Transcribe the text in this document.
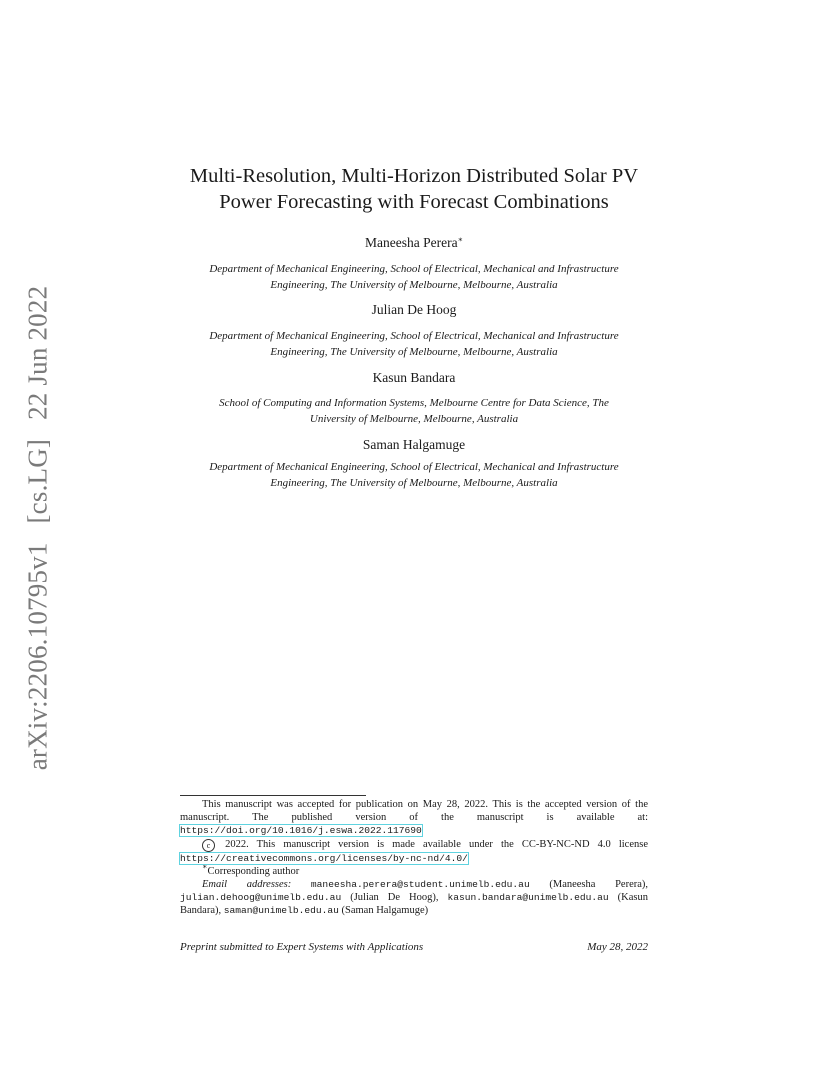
arXiv:2206.10795v1 [cs.LG] 22 Jun 2022
Multi-Resolution, Multi-Horizon Distributed Solar PV
Power Forecasting with Forecast Combinations
Maneesha Perera∗
Department of Mechanical Engineering, School of Electrical, Mechanical and Infrastructure
Engineering, The University of Melbourne, Melbourne, Australia
Julian De Hoog
Department of Mechanical Engineering, School of Electrical, Mechanical and Infrastructure
Engineering, The University of Melbourne, Melbourne, Australia
Kasun Bandara
School of Computing and Information Systems, Melbourne Centre for Data Science, The
University of Melbourne, Melbourne, Australia
Saman Halgamuge
Department of Mechanical Engineering, School of Electrical, Mechanical and Infrastructure
Engineering, The University of Melbourne, Melbourne, Australia

This manuscript was accepted for publication on May 28, 2022. This is the accepted version of the manuscript. The published version of the manuscript is available at: https://doi.org/10.1016/j.eswa.2022.117690

c 2022. This manuscript version is made available under the CC-BY-NC-ND 4.0 license https://creativecommons.org/licenses/by-nc-nd/4.0/

∗Corresponding author

Email addresses: maneesha.perera@student.unimelb.edu.au (Maneesha Perera), julian.dehoog@unimelb.edu.au (Julian De Hoog), kasun.bandara@unimelb.edu.au (Kasun Bandara), saman@unimelb.edu.au (Saman Halgamuge)

Preprint submitted to Expert Systems with Applications	May 28, 2022
